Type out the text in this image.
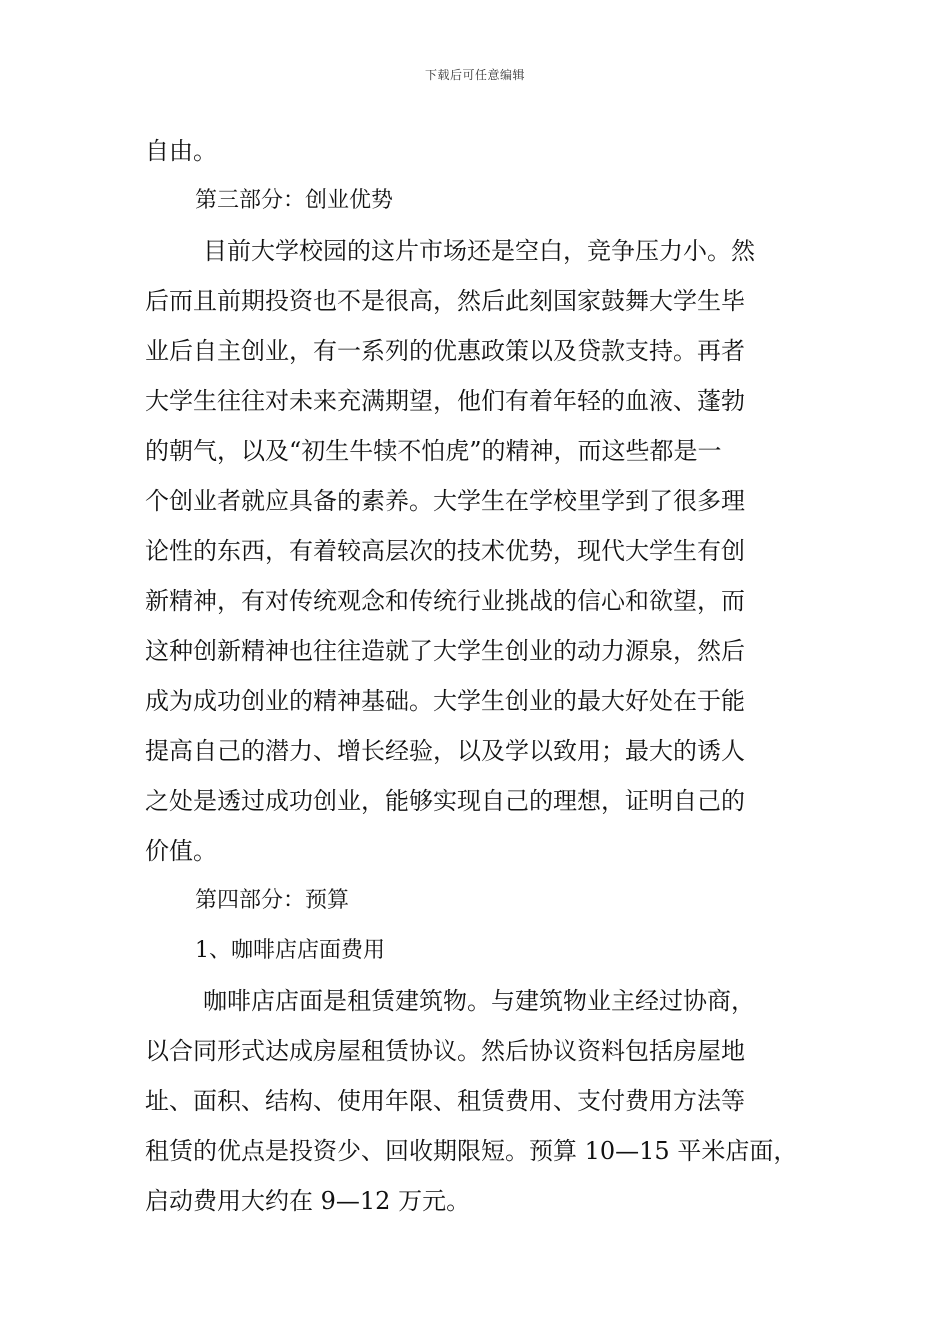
下载后可任意编辑
自由。
第三部分：创业优势
目前大学校园的这片市场还是空白，竞争压力小。然
后而且前期投资也不是很高，然后此刻国家鼓舞大学生毕
业后自主创业，有一系列的优惠政策以及贷款支持。再者
大学生往往对未来充满期望，他们有着年轻的血液、蓬勃
的朝气，以及“初生牛犊不怕虎”的精神，而这些都是一
个创业者就应具备的素养。大学生在学校里学到了很多理
论性的东西，有着较高层次的技术优势，现代大学生有创
新精神，有对传统观念和传统行业挑战的信心和欲望，而
这种创新精神也往往造就了大学生创业的动力源泉，然后
成为成功创业的精神基础。大学生创业的最大好处在于能
提高自己的潜力、增长经验，以及学以致用；最大的诱人
之处是透过成功创业，能够实现自己的理想，证明自己的
价值。
第四部分：预算
1、咖啡店店面费用
咖啡店店面是租赁建筑物。与建筑物业主经过协商，
以合同形式达成房屋租赁协议。然后协议资料包括房屋地
址、面积、结构、使用年限、租赁费用、支付费用方法等
租赁的优点是投资少、回收期限短。预算 10—15 平米店面，
启动费用大约在 9—12 万元。
